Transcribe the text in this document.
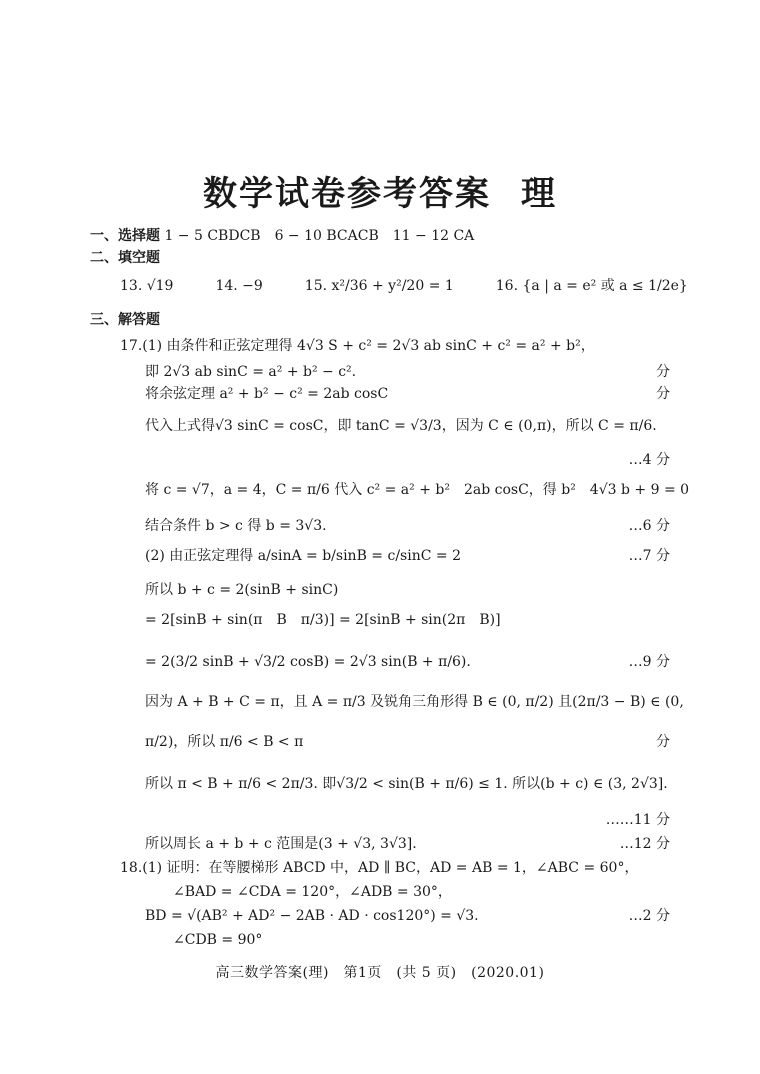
数学试卷参考答案 理
一、选择题 1 − 5 CBDCB　6 − 10 BCACB　11 − 12 CA
二、填空题
13. √19　　　14. −9　　　15. x²/36 + y²/20 = 1　　　16. {a | a = e² 或 a ≤ 1/2e}
三、解答题
17.(1) 由条件和正弦定理得 4√3 S + c² = 2√3 ab sinC + c² = a² + b²，
即 2√3 ab sinC = a² + b² − c².	分
将余弦定理 a² + b² − c² = 2ab cosC	分
代入上式得√3 sinC = cosC，即 tanC = √3/3，因为 C ∈ (0,π)，所以 C = π/6.
…4 分
将 c = √7，a = 4，C = π/6 代入 c² = a² + b²　2ab cosC，得 b²　4√3 b + 9 = 0
结合条件 b > c 得 b = 3√3.	…6 分
(2) 由正弦定理得 a/sinA = b/sinB = c/sinC = 2	…7 分
所以 b + c = 2(sinB + sinC)
= 2[sinB + sin(π　B　π/3)] = 2[sinB + sin(2π　B)]
= 2(3/2 sinB + √3/2 cosB) = 2√3 sin(B + π/6).	…9 分
因为 A + B + C = π，且 A = π/3 及锐角三角形得 B ∈ (0, π/2) 且(2π/3 − B) ∈ (0,
π/2)，所以 π/6 < B < π	分
所以 π < B + π/6 < 2π/3. 即√3/2 < sin(B + π/6) ≤ 1. 所以(b + c) ∈ (3, 2√3].
……11 分
所以周长 a + b + c 范围是(3 + √3, 3√3].	…12 分
18.(1) 证明：在等腰梯形 ABCD 中，AD ∥ BC，AD = AB = 1，∠ABC = 60°，
∠BAD = ∠CDA = 120°，∠ADB = 30°，
BD = √(AB² + AD² − 2AB · AD · cos120°) = √3.	…2 分
∠CDB = 90°
高三数学答案(理)　第1页　(共 5 页)　(2020.01)
